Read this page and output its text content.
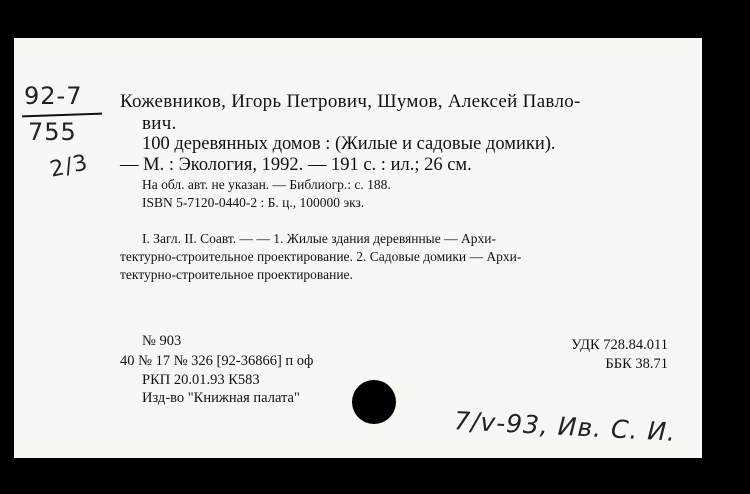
92-7
755
2/3
Кожевников, Игорь Петрович, Шумов, Алексей Павло-
вич.
100 деревянных домов : (Жилые и садовые домики).
— М. : Экология, 1992. — 191 с. : ил.; 26 см.
На обл. авт. не указан. — Библиогр.: с. 188.
ISBN 5-7120-0440-2 : Б. ц., 100000 экз.
I. Загл. II. Соавт. — — 1. Жилые здания деревянные — Архи-
тектурно-строительное проектирование. 2. Садовые домики — Архи-
тектурно-строительное проектирование.
№ 903
40 № 17 № 326 [92-36866] п оф
РКП 20.01.93 К583
Изд-во "Книжная палата"
УДК 728.84.011
ББК 38.71
7/v-93, Ив. С. И.
